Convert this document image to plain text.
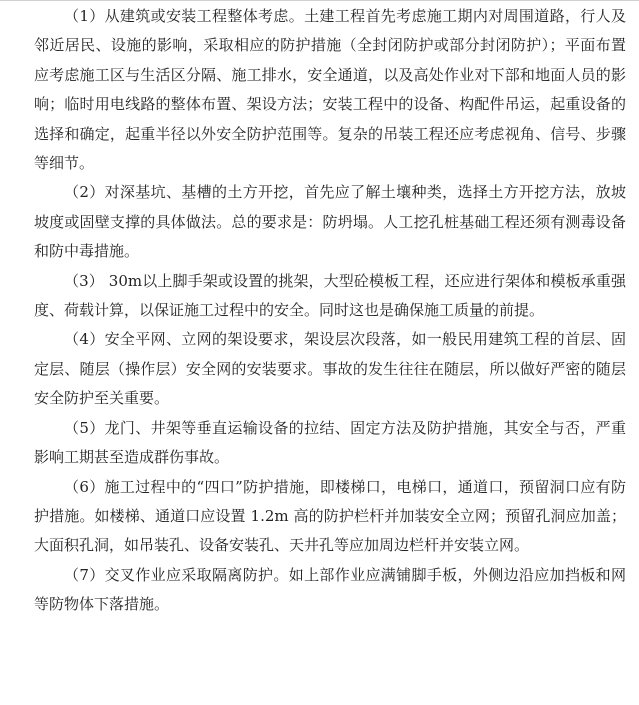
（1）从建筑或安装工程整体考虑。土建工程首先考虑施工期内对周围道路，行人及邻近居民、设施的影响，采取相应的防护措施（全封闭防护或部分封闭防护）；平面布置应考虑施工区与生活区分隔、施工排水，安全通道，以及高处作业对下部和地面人员的影响；临时用电线路的整体布置、架设方法；安装工程中的设备、构配件吊运，起重设备的选择和确定，起重半径以外安全防护范围等。复杂的吊装工程还应考虑视角、信号、步骤等细节。

（2）对深基坑、基槽的土方开挖，首先应了解土壤种类，选择土方开挖方法，放坡坡度或固壁支撑的具体做法。总的要求是：防坍塌。人工挖孔桩基础工程还须有测毒设备和防中毒措施。

（3） 30m以上脚手架或设置的挑架，大型砼模板工程，还应进行架体和模板承重强度、荷载计算，以保证施工过程中的安全。同时这也是确保施工质量的前提。

（4）安全平网、立网的架设要求，架设层次段落，如一般民用建筑工程的首层、固定层、随层（操作层）安全网的安装要求。事故的发生往往在随层，所以做好严密的随层安全防护至关重要。

（5）龙门、井架等垂直运输设备的拉结、固定方法及防护措施，其安全与否，严重影响工期甚至造成群伤事故。

（6）施工过程中的“四口”防护措施，即楼梯口，电梯口，通道口，预留洞口应有防护措施。如楼梯、通道口应设置 1.2m 高的防护栏杆并加装安全立网；预留孔洞应加盖；大面积孔洞，如吊装孔、设备安装孔、天井孔等应加周边栏杆并安装立网。

（7）交叉作业应采取隔离防护。如上部作业应满铺脚手板，外侧边沿应加挡板和网等防物体下落措施。
